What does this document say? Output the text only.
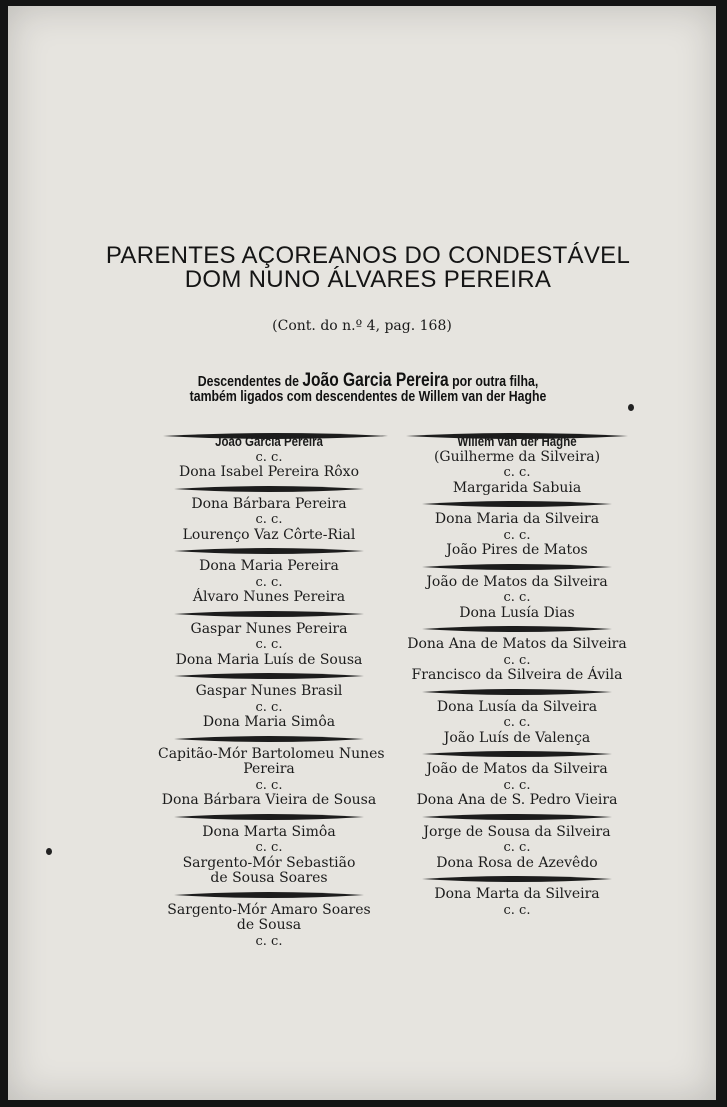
PARENTES AÇOREANOS DO CONDESTÁVEL
DOM NUNO ÁLVARES PEREIRA
(Cont. do n.º 4, pag. 168)
Descendentes de João Garcia Pereira por outra filha,
também ligados com descendentes de Willem van der Haghe
João Garcia Pereira
c. c.
Dona Isabel Pereira Rôxo
Dona Bárbara Pereira
c. c.
Lourenço Vaz Côrte-Rial
Dona Maria Pereira
c. c.
Álvaro Nunes Pereira
Gaspar Nunes Pereira
c. c.
Dona Maria Luís de Sousa
Gaspar Nunes Brasil
c. c.
Dona Maria Simôa
Capitão-Mór Bartolomeu Nunes
Pereira
c. c.
Dona Bárbara Vieira de Sousa
Dona Marta Simôa
c. c.
Sargento-Mór Sebastião
de Sousa Soares
Sargento-Mór Amaro Soares
de Sousa
c. c.
Willem van der Haghe
(Guilherme da Silveira)
c. c.
Margarida Sabuia
Dona Maria da Silveira
c. c.
João Pires de Matos
João de Matos da Silveira
c. c.
Dona Lusía Dias
Dona Ana de Matos da Silveira
c. c.
Francisco da Silveira de Ávila
Dona Lusía da Silveira
c. c.
João Luís de Valença
João de Matos da Silveira
c. c.
Dona Ana de S. Pedro Vieira
Jorge de Sousa da Silveira
c. c.
Dona Rosa de Azevêdo
Dona Marta da Silveira
c. c.
